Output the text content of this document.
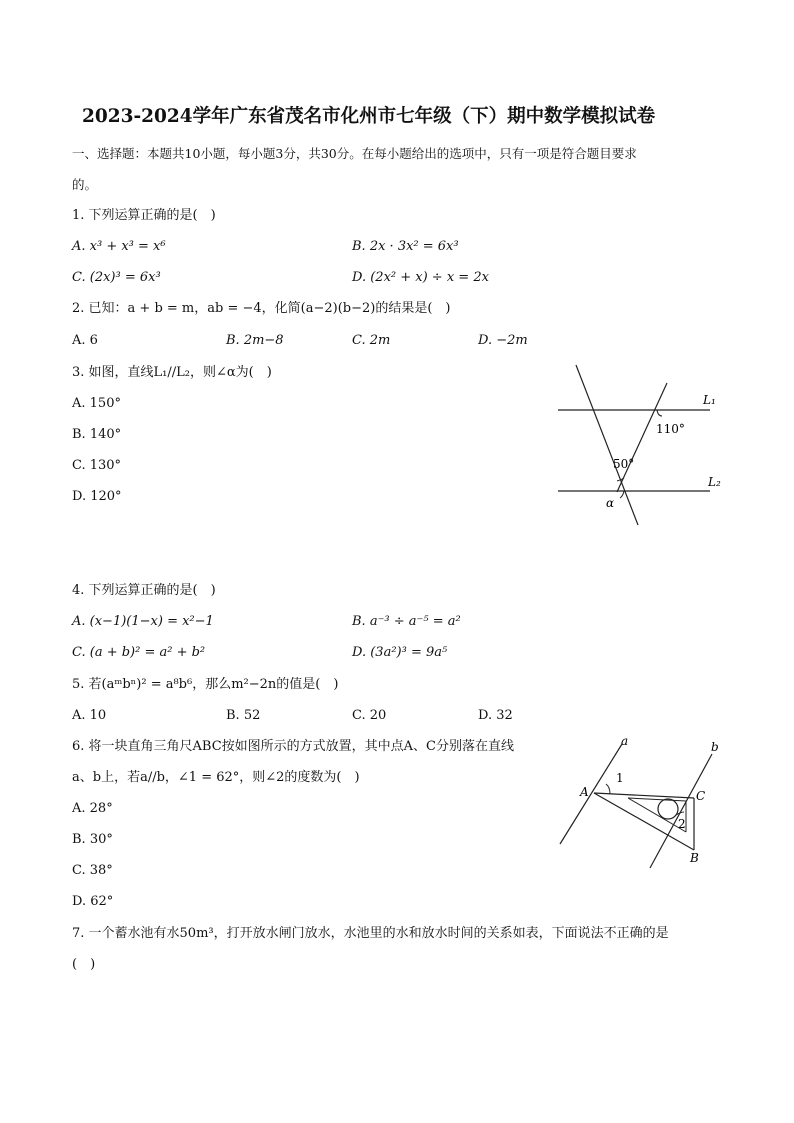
2023-2024学年广东省茂名市化州市七年级（下）期中数学模拟试卷
一、选择题：本题共10小题，每小题3分，共30分。在每小题给出的选项中，只有一项是符合题目要求
的。
1. 下列运算正确的是(　)
A. x³ + x³ = x⁶	B. 2x · 3x² = 6x³
C. (2x)³ = 6x³	D. (2x² + x) ÷ x = 2x
2. 已知：a + b = m，ab = −4，化简(a−2)(b−2)的结果是(　)
A. 6	B. 2m−8	C. 2m	D. −2m
3. 如图，直线L₁//L₂，则∠α为(　)
A. 150°
B. 140°
C. 130°
D. 120°
L₁
L₂
110°
50°
α
4. 下列运算正确的是(　)
A. (x−1)(1−x) = x²−1	B. a⁻³ ÷ a⁻⁵ = a²
C. (a + b)² = a² + b²	D. (3a²)³ = 9a⁵
5. 若(aᵐbⁿ)² = a⁸b⁶，那么m²−2n的值是(　)
A. 10	B. 52	C. 20	D. 32
6. 将一块直角三角尺ABC按如图所示的方式放置，其中点A、C分别落在直线
a、b上，若a//b，∠1 = 62°，则∠2的度数为(　)
A. 28°
B. 30°
C. 38°
D. 62°
a	b
A	C
B
1
2
7. 一个蓄水池有水50m³，打开放水闸门放水，水池里的水和放水时间的关系如表，下面说法不正确的是
(　)
